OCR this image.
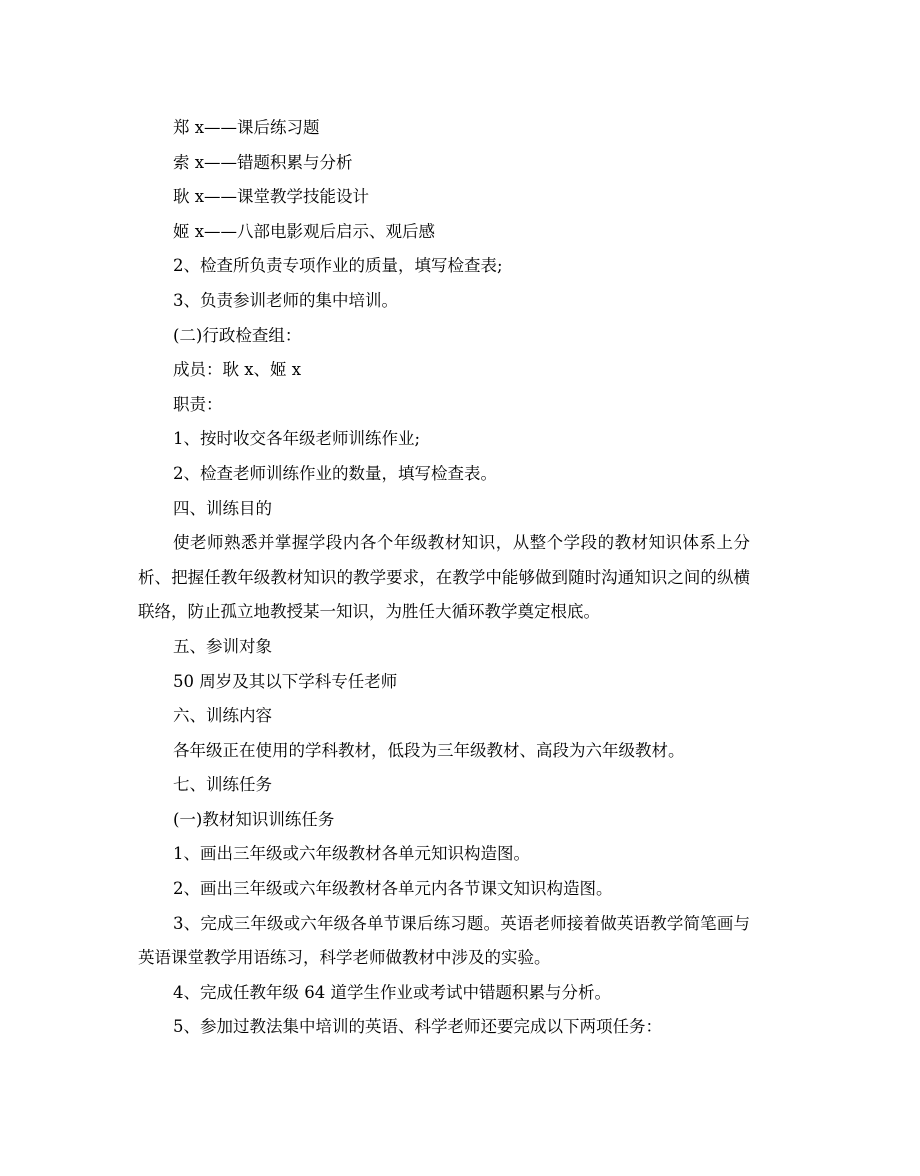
郑 x——课后练习题

索 x——错题积累与分析

耿 x——课堂教学技能设计

姬 x——八部电影观后启示、观后感

2、检查所负责专项作业的质量，填写检查表;

3、负责参训老师的集中培训。

(二)行政检查组：

成员：耿 x、姬 x

职责：

1、按时收交各年级老师训练作业;

2、检查老师训练作业的数量，填写检查表。

四、训练目的

使老师熟悉并掌握学段内各个年级教材知识，从整个学段的教材知识体系上分析、把握任教年级教材知识的教学要求，在教学中能够做到随时沟通知识之间的纵横联络，防止孤立地教授某一知识，为胜任大循环教学奠定根底。

五、参训对象

50 周岁及其以下学科专任老师

六、训练内容

各年级正在使用的学科教材，低段为三年级教材、高段为六年级教材。

七、训练任务

(一)教材知识训练任务

1、画出三年级或六年级教材各单元知识构造图。

2、画出三年级或六年级教材各单元内各节课文知识构造图。

3、完成三年级或六年级各单节课后练习题。英语老师接着做英语教学简笔画与英语课堂教学用语练习，科学老师做教材中涉及的实验。

4、完成任教年级 64 道学生作业或考试中错题积累与分析。

5、参加过教法集中培训的英语、科学老师还要完成以下两项任务：
